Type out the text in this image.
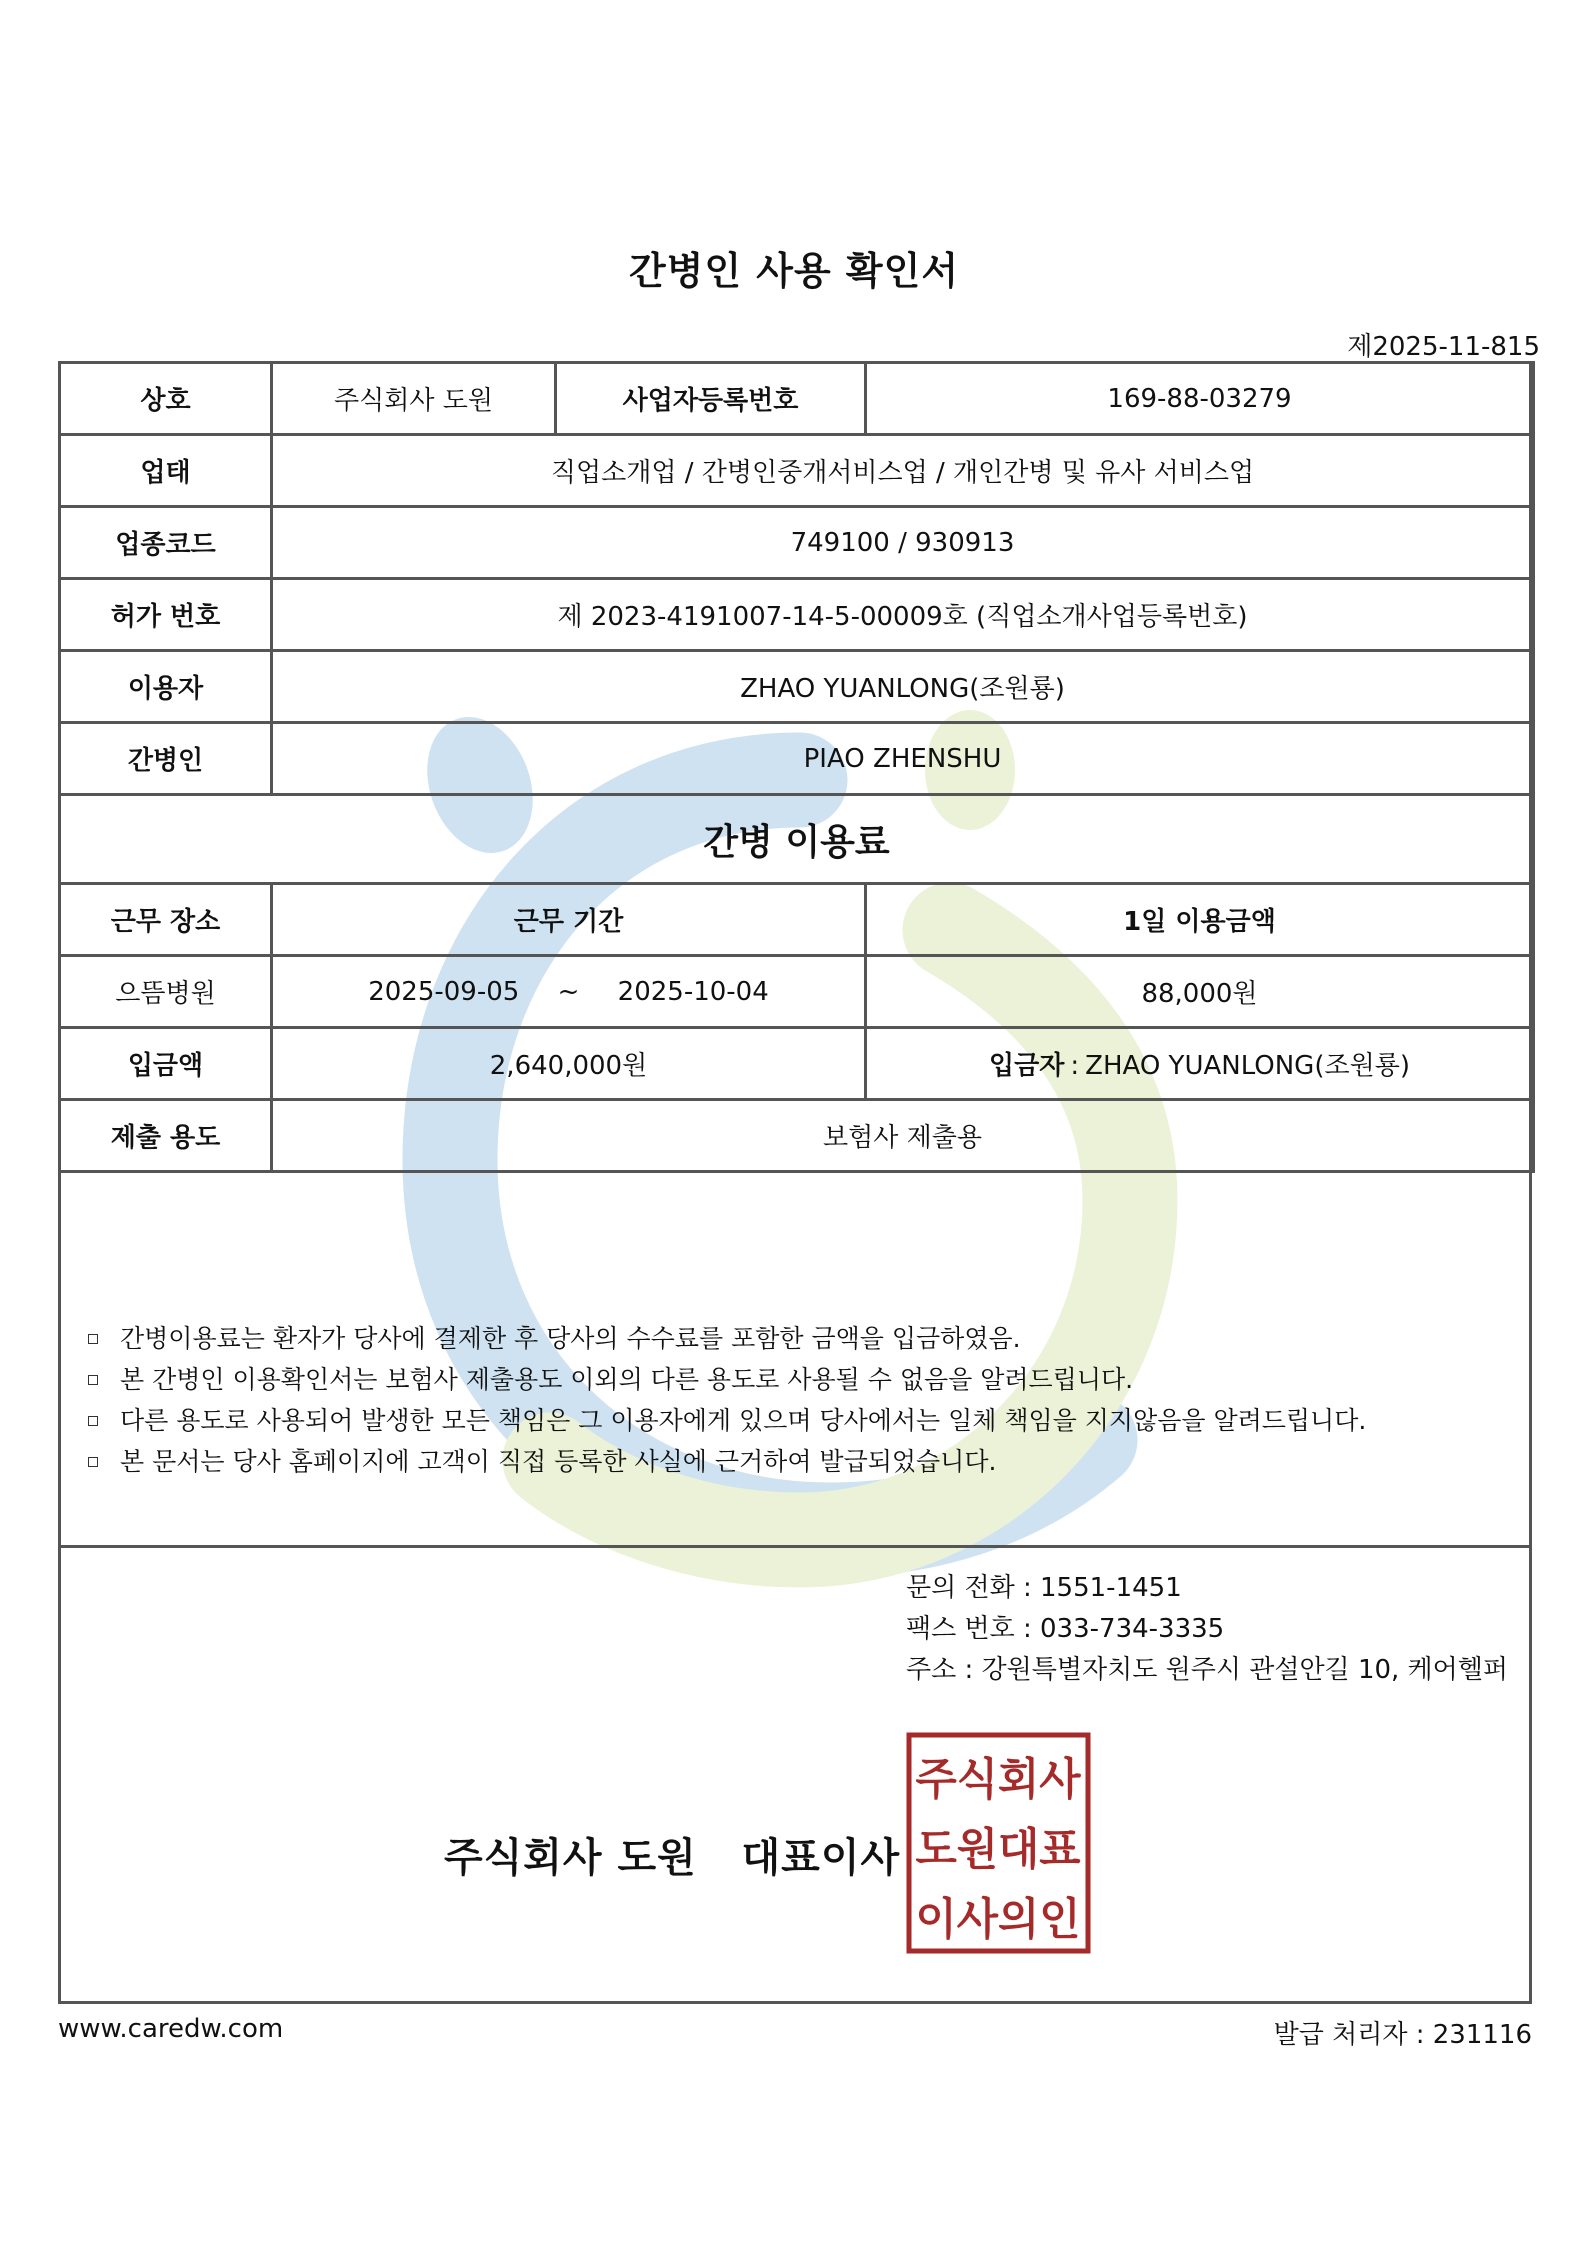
간병인 사용 확인서
제2025-11-815
상호	주식회사 도원	사업자등록번호	169-88-03279
업태	직업소개업 / 간병인중개서비스업 / 개인간병 및 유사 서비스업		
업종코드	749100 / 930913		
허가 번호	제 2023-4191007-14-5-00009호 (직업소개사업등록번호)		
이용자	ZHAO YUANLONG(조원룡)		
간병인	PIAO ZHENSHU		
간병 이용료			
근무 장소	근무 기간		1일 이용금액
으뜸병원	2025-09-05 ~ 2025-10-04		88,000원
입금액	2,640,000원		입금자 : ZHAO YUANLONG(조원룡)
제출 용도	보험사 제출용		
간병이용료는 환자가 당사에 결제한 후 당사의 수수료를 포함한 금액을 입금하였음.
본 간병인 이용확인서는 보험사 제출용도 이외의 다른 용도로 사용될 수 없음을 알려드립니다.
다른 용도로 사용되어 발생한 모든 책임은 그 이용자에게 있으며 당사에서는 일체 책임을 지지않음을 알려드립니다.
본 문서는 당사 홈페이지에 고객이 직접 등록한 사실에 근거하여 발급되었습니다.
문의 전화 : 1551-1451
팩스 번호 : 033-734-3335
주소 : 강원특별자치도 원주시 관설안길 10, 케어헬퍼
주식회사 도원   대표이사
주식회사
도원대표
이사의인
www.caredw.com	발급 처리자 : 231116
